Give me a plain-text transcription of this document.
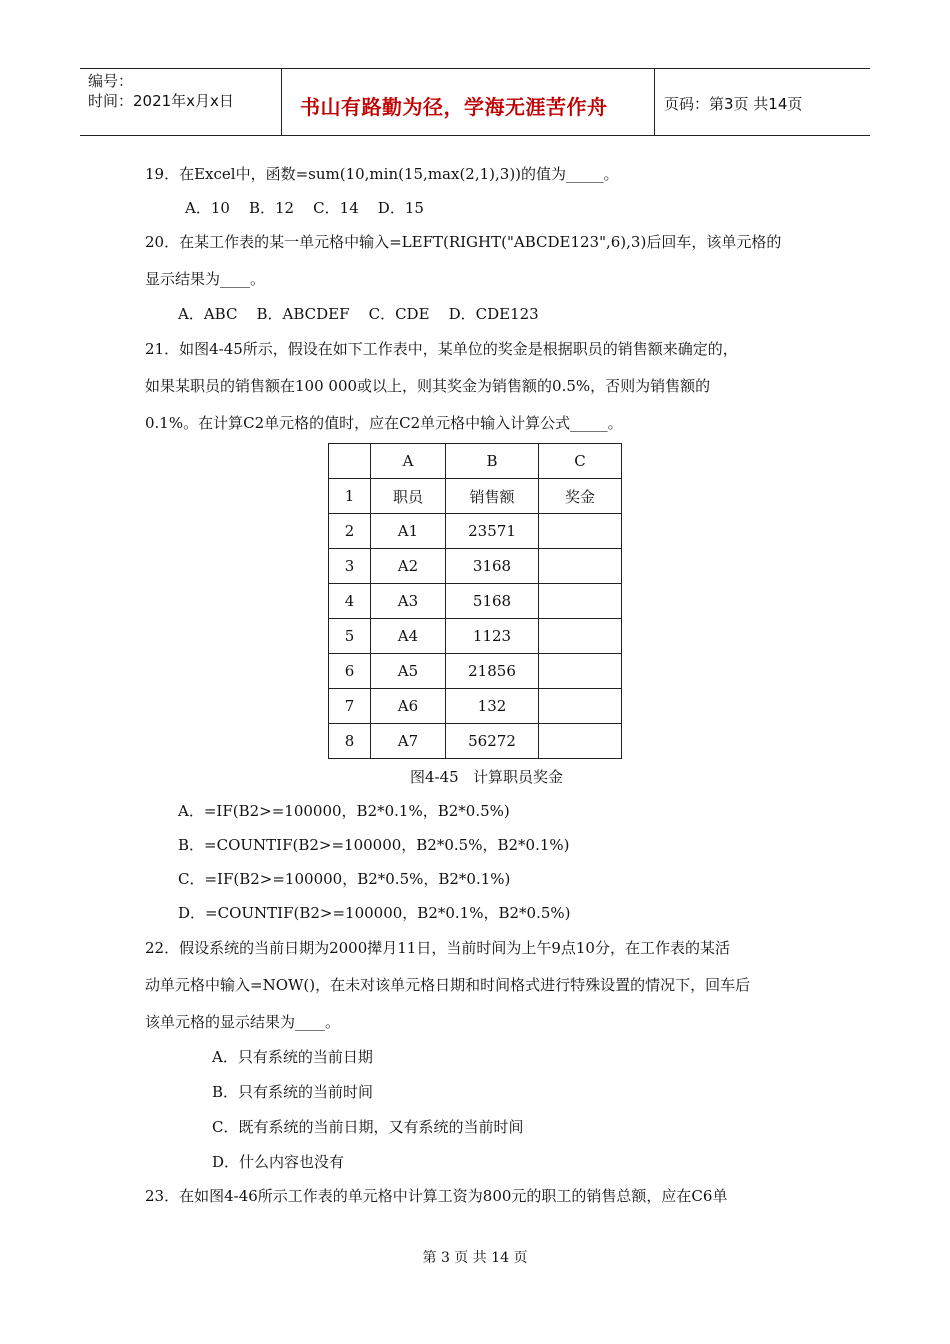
编号：
时间：2021年x月x日	书山有路勤为径，学海无涯苦作舟	页码：第3页 共14页
19．在Excel中，函数=sum(10,min(15,max(2,1),3))的值为_____。
A．10    B．12    C．14    D．15
20．在某工作表的某一单元格中输入=LEFT(RIGHT("ABCDE123",6),3)后回车，该单元格的
显示结果为____。
A．ABC    B．ABCDEF    C．CDE    D．CDE123
21．如图4-45所示，假设在如下工作表中，某单位的奖金是根据职员的销售额来确定的，
如果某职员的销售额在100 000或以上，则其奖金为销售额的0.5%，否则为销售额的
0.1%。在计算C2单元格的值时，应在C2单元格中输入计算公式_____。
	A	B	C
1	职员	销售额	奖金
2	A1	23571	
3	A2	3168	
4	A3	5168	
5	A4	1123	
6	A5	21856	
7	A6	132	
8	A7	56272	
图4-45   计算职员奖金
A．=IF(B2>=100000，B2*0.1%，B2*0.5%)
B．=COUNTIF(B2>=100000，B2*0.5%，B2*0.1%)
C．=IF(B2>=100000，B2*0.5%，B2*0.1%)
D．=COUNTIF(B2>=100000，B2*0.1%，B2*0.5%)
22．假设系统的当前日期为2000撵月11日，当前时间为上午9点10分，在工作表的某活
动单元格中输入=NOW()，在未对该单元格日期和时间格式进行特殊设置的情况下，回车后
该单元格的显示结果为____。
A．只有系统的当前日期
B．只有系统的当前时间
C．既有系统的当前日期，又有系统的当前时间
D．什么内容也没有
23．在如图4-46所示工作表的单元格中计算工资为800元的职工的销售总额，应在C6单
第 3 页 共 14 页
